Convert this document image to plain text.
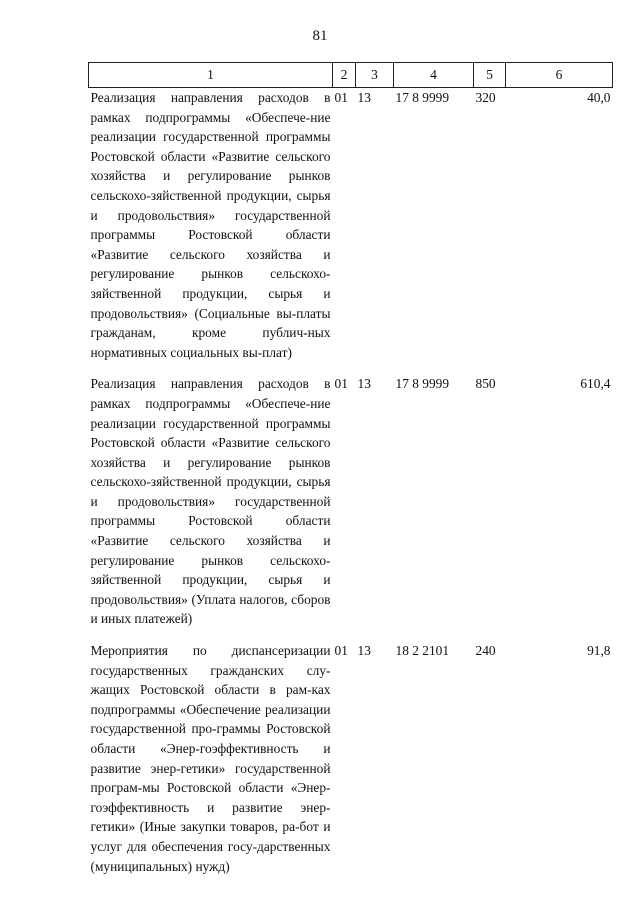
81
1	2	3	4	5	6
Реализация направления расходов в рамках подпрограммы «Обеспече-ние реализации государственной программы Ростовской области «Развитие сельского хозяйства и регулирование рынков сельскохо-зяйственной продукции, сырья и продовольствия» государственной программы Ростовской области «Развитие сельского хозяйства и регулирование рынков сельскохо-зяйственной продукции, сырья и продовольствия» (Социальные вы-платы гражданам, кроме публич-ных нормативных социальных вы-плат)	01	13	17 8 9999	320	40,0
Реализация направления расходов в рамках подпрограммы «Обеспече-ние реализации государственной программы Ростовской области «Развитие сельского хозяйства и регулирование рынков сельскохо-зяйственной продукции, сырья и продовольствия» государственной программы Ростовской области «Развитие сельского хозяйства и регулирование рынков сельскохо-зяйственной продукции, сырья и продовольствия» (Уплата налогов, сборов и иных платежей)	01	13	17 8 9999	850	610,4
Мероприятия по диспансеризации государственных гражданских слу-жащих Ростовской области в рам-ках подпрограммы «Обеспечение реализации государственной про-граммы Ростовской области «Энер-гоэффективность и развитие энер-гетики» государственной програм-мы Ростовской области «Энер-гоэффективность и развитие энер-гетики» (Иные закупки товаров, ра-бот и услуг для обеспечения госу-дарственных (муниципальных) нужд)	01	13	18 2 2101	240	91,8
